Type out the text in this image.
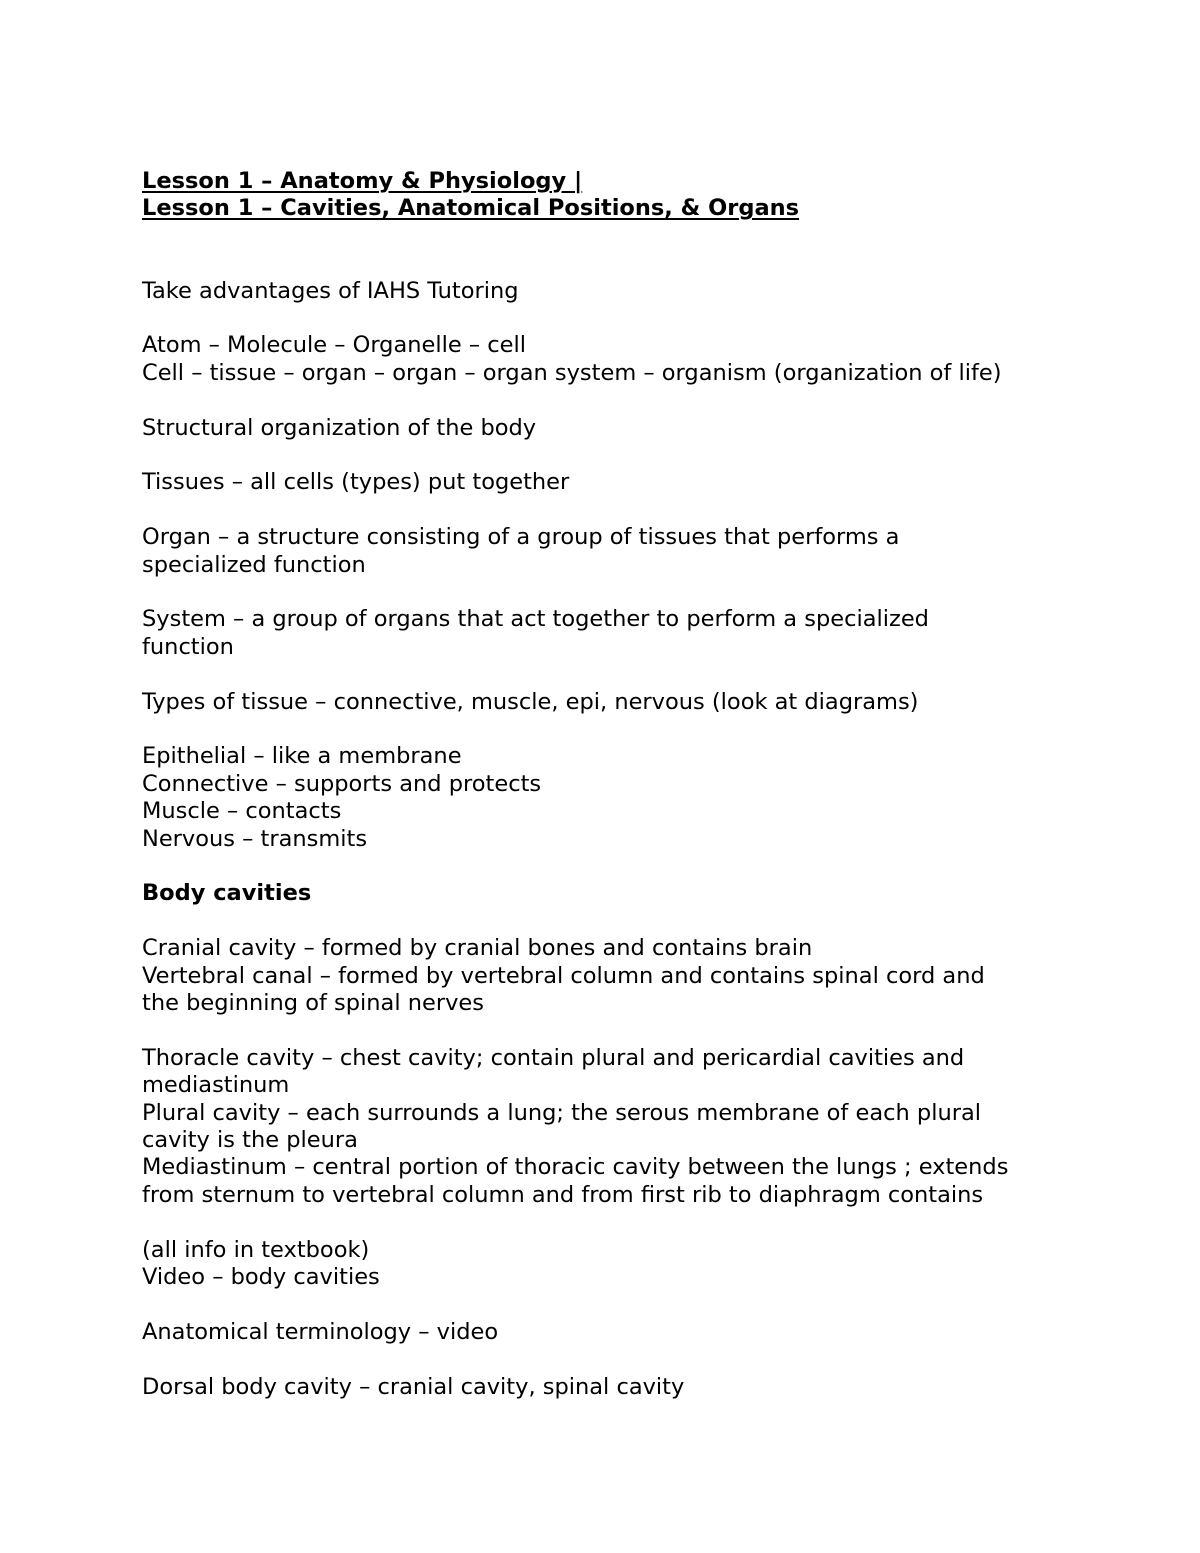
Lesson 1 – Anatomy & Physiology |
Lesson 1 – Cavities, Anatomical Positions, & Organs
Take advantages of IAHS Tutoring
Atom – Molecule – Organelle – cell
Cell – tissue – organ – organ – organ system – organism (organization of life)
Structural organization of the body
Tissues – all cells (types) put together
Organ – a structure consisting of a group of tissues that performs a
specialized function
System – a group of organs that act together to perform a specialized
function
Types of tissue – connective, muscle, epi, nervous (look at diagrams)
Epithelial – like a membrane
Connective – supports and protects
Muscle – contacts
Nervous – transmits
Body cavities
Cranial cavity – formed by cranial bones and contains brain
Vertebral canal – formed by vertebral column and contains spinal cord and
the beginning of spinal nerves
Thoracle cavity – chest cavity; contain plural and pericardial cavities and
mediastinum
Plural cavity – each surrounds a lung; the serous membrane of each plural
cavity is the pleura
Mediastinum – central portion of thoracic cavity between the lungs ; extends
from sternum to vertebral column and from first rib to diaphragm contains
(all info in textbook)
Video – body cavities
Anatomical terminology – video
Dorsal body cavity – cranial cavity, spinal cavity
